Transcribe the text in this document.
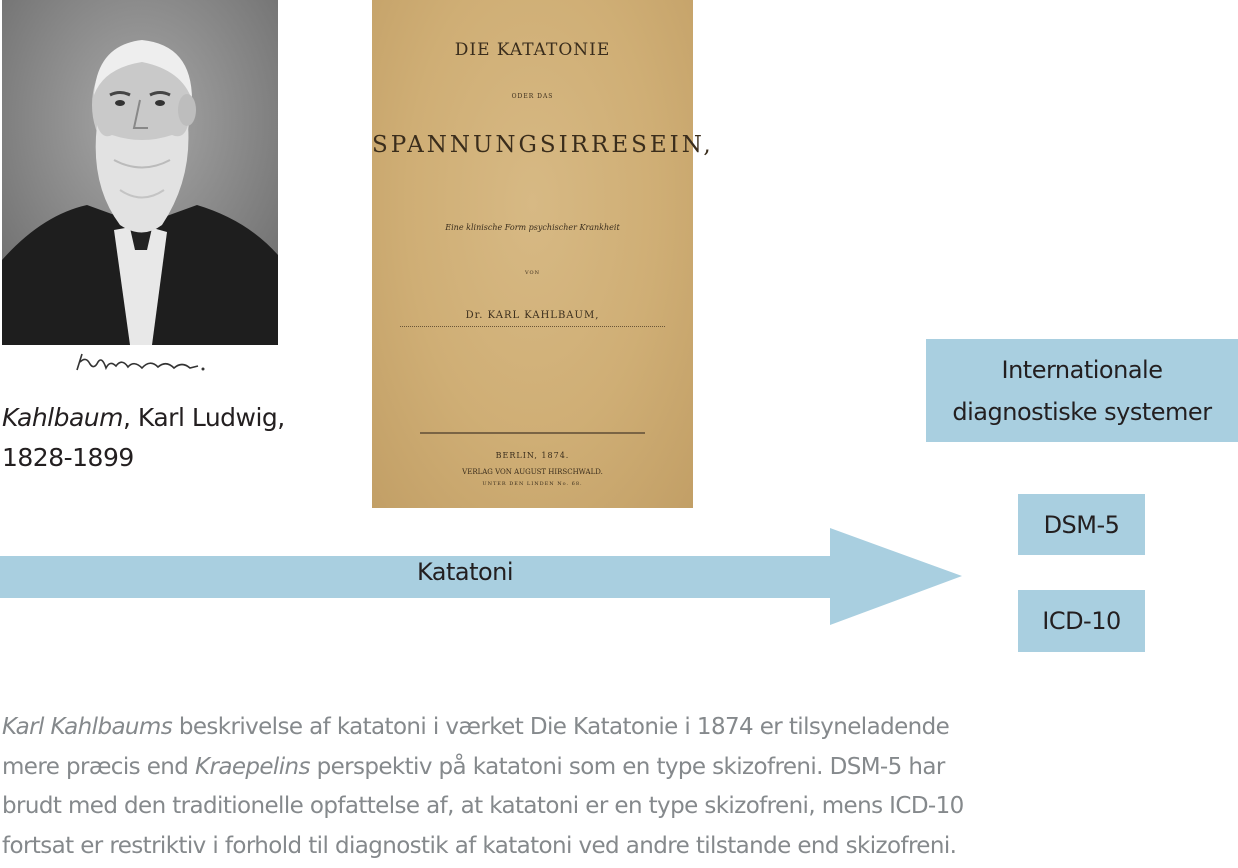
Kahlbaum, Karl Ludwig,
1828-1899
DIE KATATONIE
ODER DAS
SPANNUNGSIRRESEIN,
Eine klinische Form psychischer Krankheit
VON
Dr. KARL KAHLBAUM,
BERLIN, 1874.
VERLAG VON AUGUST HIRSCHWALD.
UNTER DEN LINDEN No. 68.
Internationale
diagnostiske systemer
DSM-5
ICD-10
Katatoni
Karl Kahlbaums beskrivelse af katatoni i værket Die Katatonie i 1874 er tilsyneladende
mere præcis end Kraepelins perspektiv på katatoni som en type skizofreni. DSM-5 har
brudt med den traditionelle opfattelse af, at katatoni er en type skizofreni, mens ICD-10
fortsat er restriktiv i forhold til diagnostik af katatoni ved andre tilstande end skizofreni.
